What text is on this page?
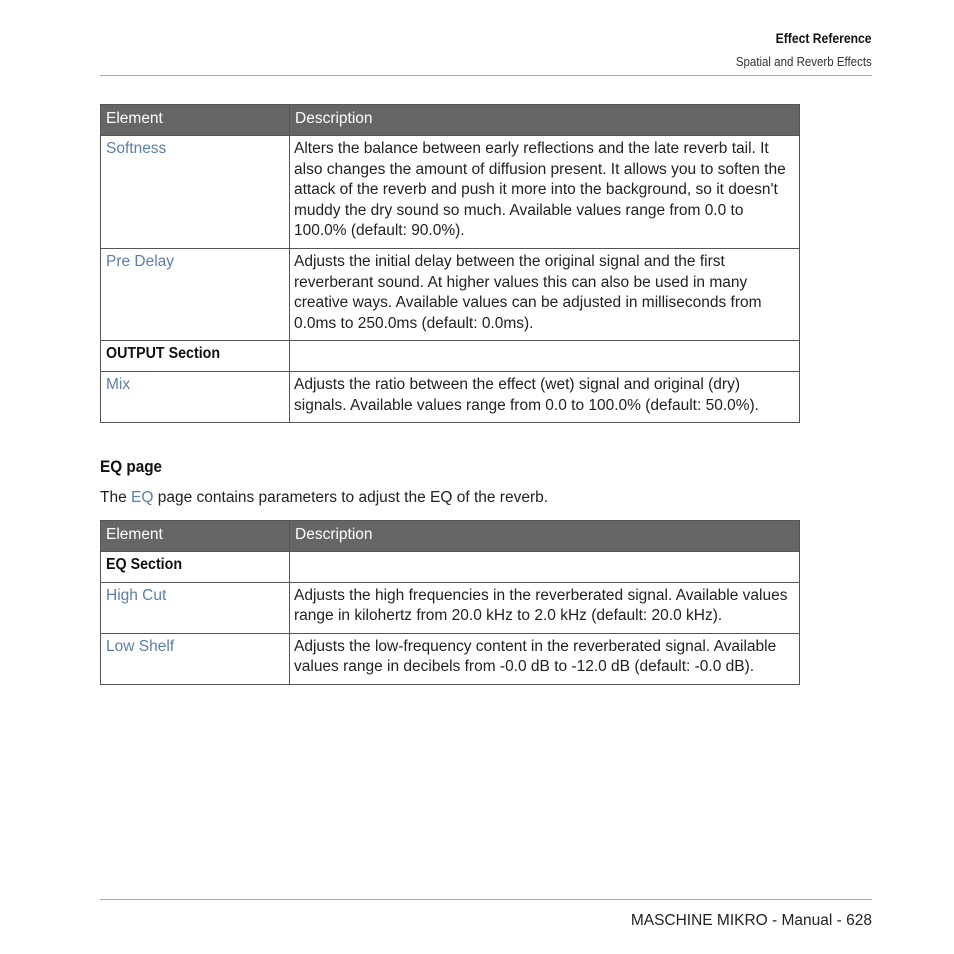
Effect Reference
Spatial and Reverb Effects
Element	Description
Softness	Alters the balance between early reflections and the late reverb tail. It also changes the amount of diffusion present. It allows you to soften the attack of the reverb and push it more into the background, so it doesn't muddy the dry sound so much. Available values range from 0.0 to 100.0% (default: 90.0%).
Pre Delay	Adjusts the initial delay between the original signal and the first reverberant sound. At higher values this can also be used in many creative ways. Available values can be adjusted in milliseconds from 0.0ms to 250.0ms (default: 0.0ms).
OUTPUT Section	
Mix	Adjusts the ratio between the effect (wet) signal and original (dry) signals. Available values range from 0.0 to 100.0% (default: 50.0%).
EQ page
The EQ page contains parameters to adjust the EQ of the reverb.
Element	Description
EQ Section	
High Cut	Adjusts the high frequencies in the reverberated signal. Available values range in kilohertz from 20.0 kHz to 2.0 kHz (default: 20.0 kHz).
Low Shelf	Adjusts the low-frequency content in the reverberated signal. Available values range in decibels from -0.0 dB to -12.0 dB (default: -0.0 dB).
MASCHINE MIKRO - Manual - 628
